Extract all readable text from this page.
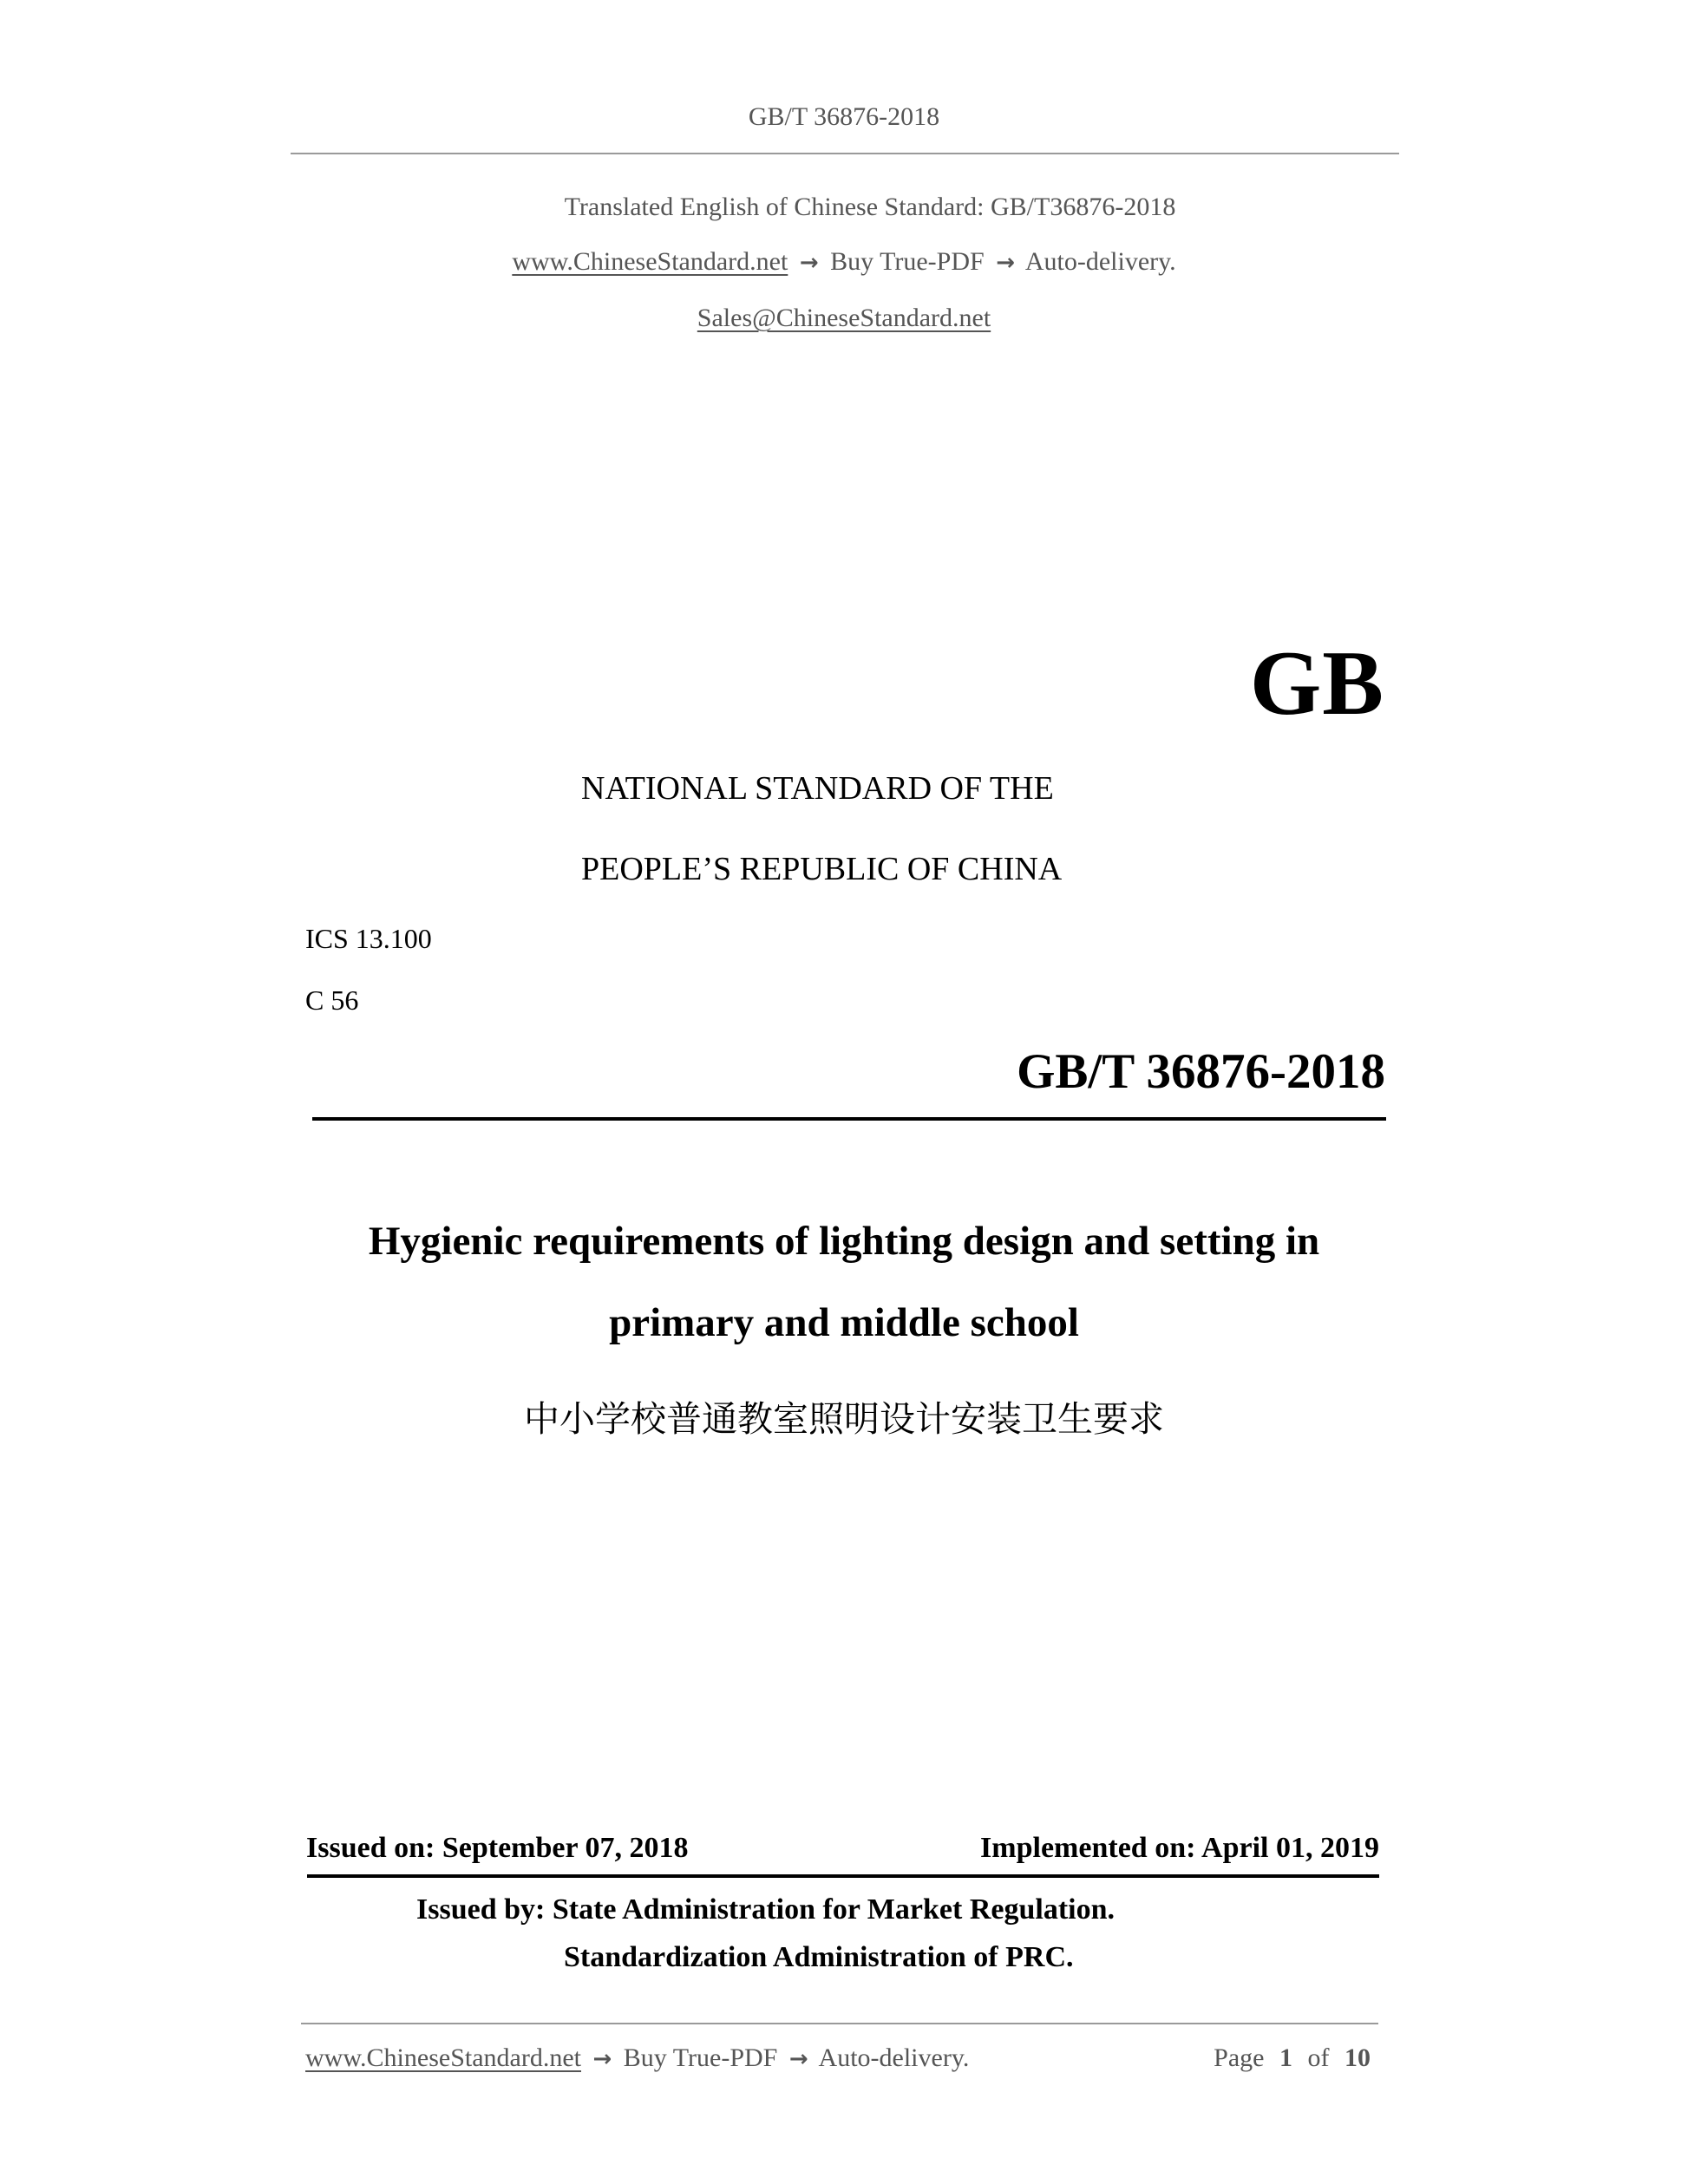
GB/T 36876-2018
Translated English of Chinese Standard: GB/T36876-2018
www.ChineseStandard.net → Buy True-PDF → Auto-delivery.
Sales@ChineseStandard.net
GB
NATIONAL STANDARD OF THE
PEOPLE’S REPUBLIC OF CHINA
ICS 13.100
C 56
GB/T 36876-2018
Hygienic requirements of lighting design and setting in
primary and middle school
中小学校普通教室照明设计安装卫生要求
Issued on: September 07, 2018	Implemented on: April 01, 2019
Issued by: State Administration for Market Regulation.
Standardization Administration of PRC.
www.ChineseStandard.net → Buy True-PDF → Auto-delivery.	Page 1 of 10
